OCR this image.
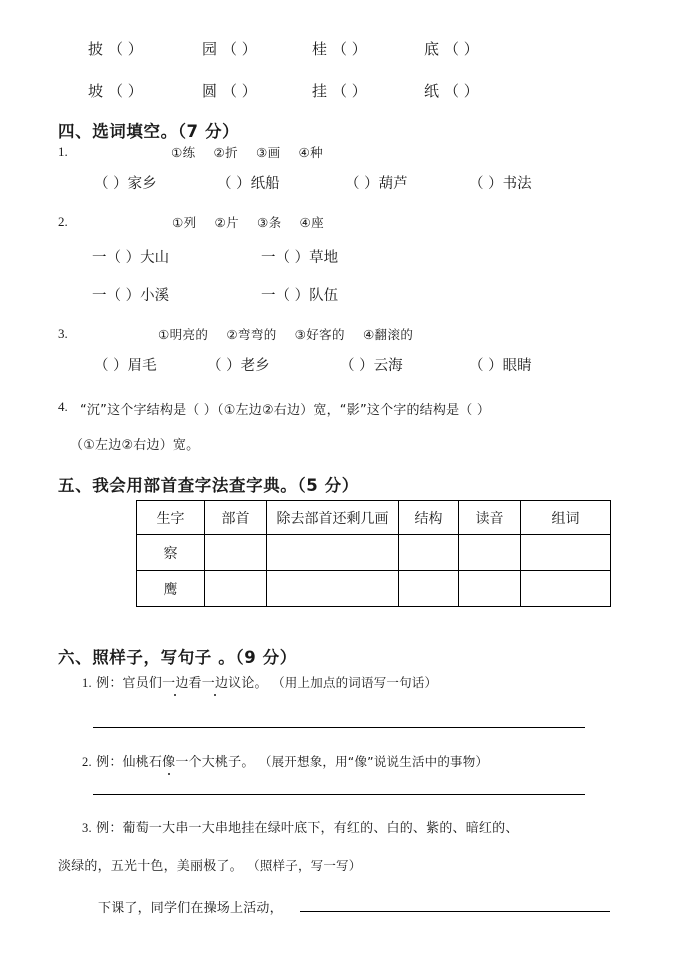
披 （ ）	园 （ ）	桂 （ ）	底 （ ）
坡 （ ）	圆 （ ）	挂 （ ）	纸 （ ）
四、选词填空。（7 分）
1.	①练 ②折 ③画 ④种
（ ）家乡	（ ）纸船	（ ）葫芦	（ ）书法
2.	①列 ②片 ③条 ④座
一（ ）大山	一（ ）草地
一（ ）小溪	一（ ）队伍
3.	①明亮的 ②弯弯的 ③好客的 ④翻滚的
（ ）眉毛	（ ）老乡	（ ）云海	（ ）眼睛
4. “沉”这个字结构是（ ）（①左边②右边）宽，“影”这个字的结构是（ ）
（①左边②右边）宽。
五、我会用部首查字法查字典。（5 分）
生字	部首	除去部首还剩几画	结构	读音	组词
察					
鹰					
六、照样子，写句子 。（9 分）
1. 例：官员们一边看一边议论。 （用上加点的词语写一句话）
2. 例：仙桃石像一个大桃子。 （展开想象，用“像”说说生活中的事物）
3. 例：葡萄一大串一大串地挂在绿叶底下，有红的、白的、紫的、暗红的、
淡绿的，五光十色，美丽极了。 （照样子，写一写）
下课了，同学们在操场上活动，
